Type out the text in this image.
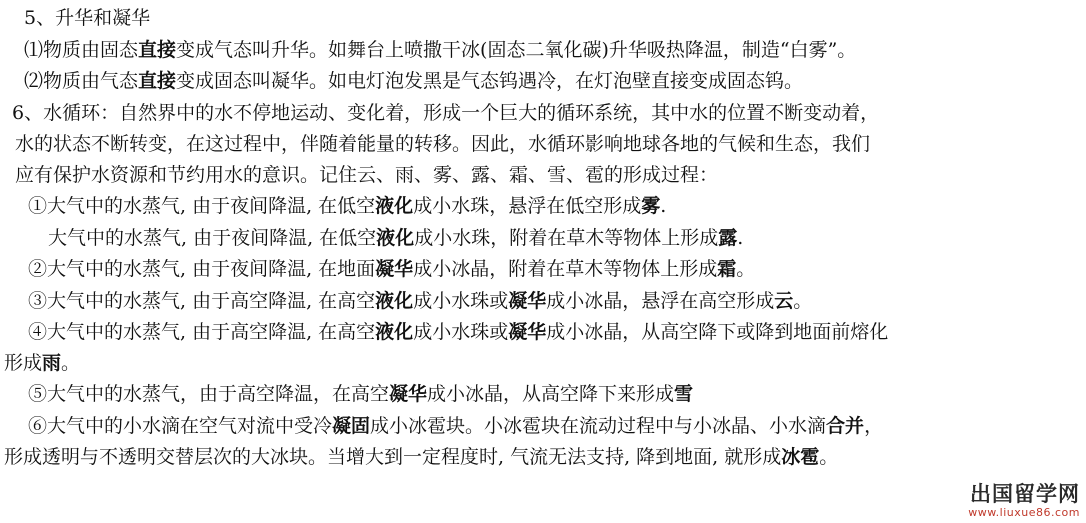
5、升华和凝华
⑴物质由固态直接变成气态叫升华。如舞台上喷撒干冰(固态二氧化碳)升华吸热降温，制造“白雾”。
⑵物质由气态直接变成固态叫凝华。如电灯泡发黑是气态钨遇冷，在灯泡壁直接变成固态钨。
6、水循环：自然界中的水不停地运动、变化着，形成一个巨大的循环系统，其中水的位置不断变动着，
水的状态不断转变，在这过程中，伴随着能量的转移。因此，水循环影响地球各地的气候和生态，我们
应有保护水资源和节约用水的意识。记住云、雨、雾、露、霜、雪、雹的形成过程：
①大气中的水蒸气, 由于夜间降温, 在低空液化成小水珠，悬浮在低空形成雾.
大气中的水蒸气, 由于夜间降温, 在低空液化成小水珠，附着在草木等物体上形成露.
②大气中的水蒸气, 由于夜间降温, 在地面凝华成小冰晶，附着在草木等物体上形成霜。
③大气中的水蒸气, 由于高空降温, 在高空液化成小水珠或凝华成小冰晶，悬浮在高空形成云。
④大气中的水蒸气, 由于高空降温, 在高空液化成小水珠或凝华成小冰晶，从高空降下或降到地面前熔化
形成雨。
⑤大气中的水蒸气，由于高空降温，在高空凝华成小冰晶，从高空降下来形成雪
⑥大气中的小水滴在空气对流中受冷凝固成小冰雹块。小冰雹块在流动过程中与小冰晶、小水滴合并，
形成透明与不透明交替层次的大冰块。当增大到一定程度时, 气流无法支持, 降到地面, 就形成冰雹。
出国留学网
www.liuxue86.com
